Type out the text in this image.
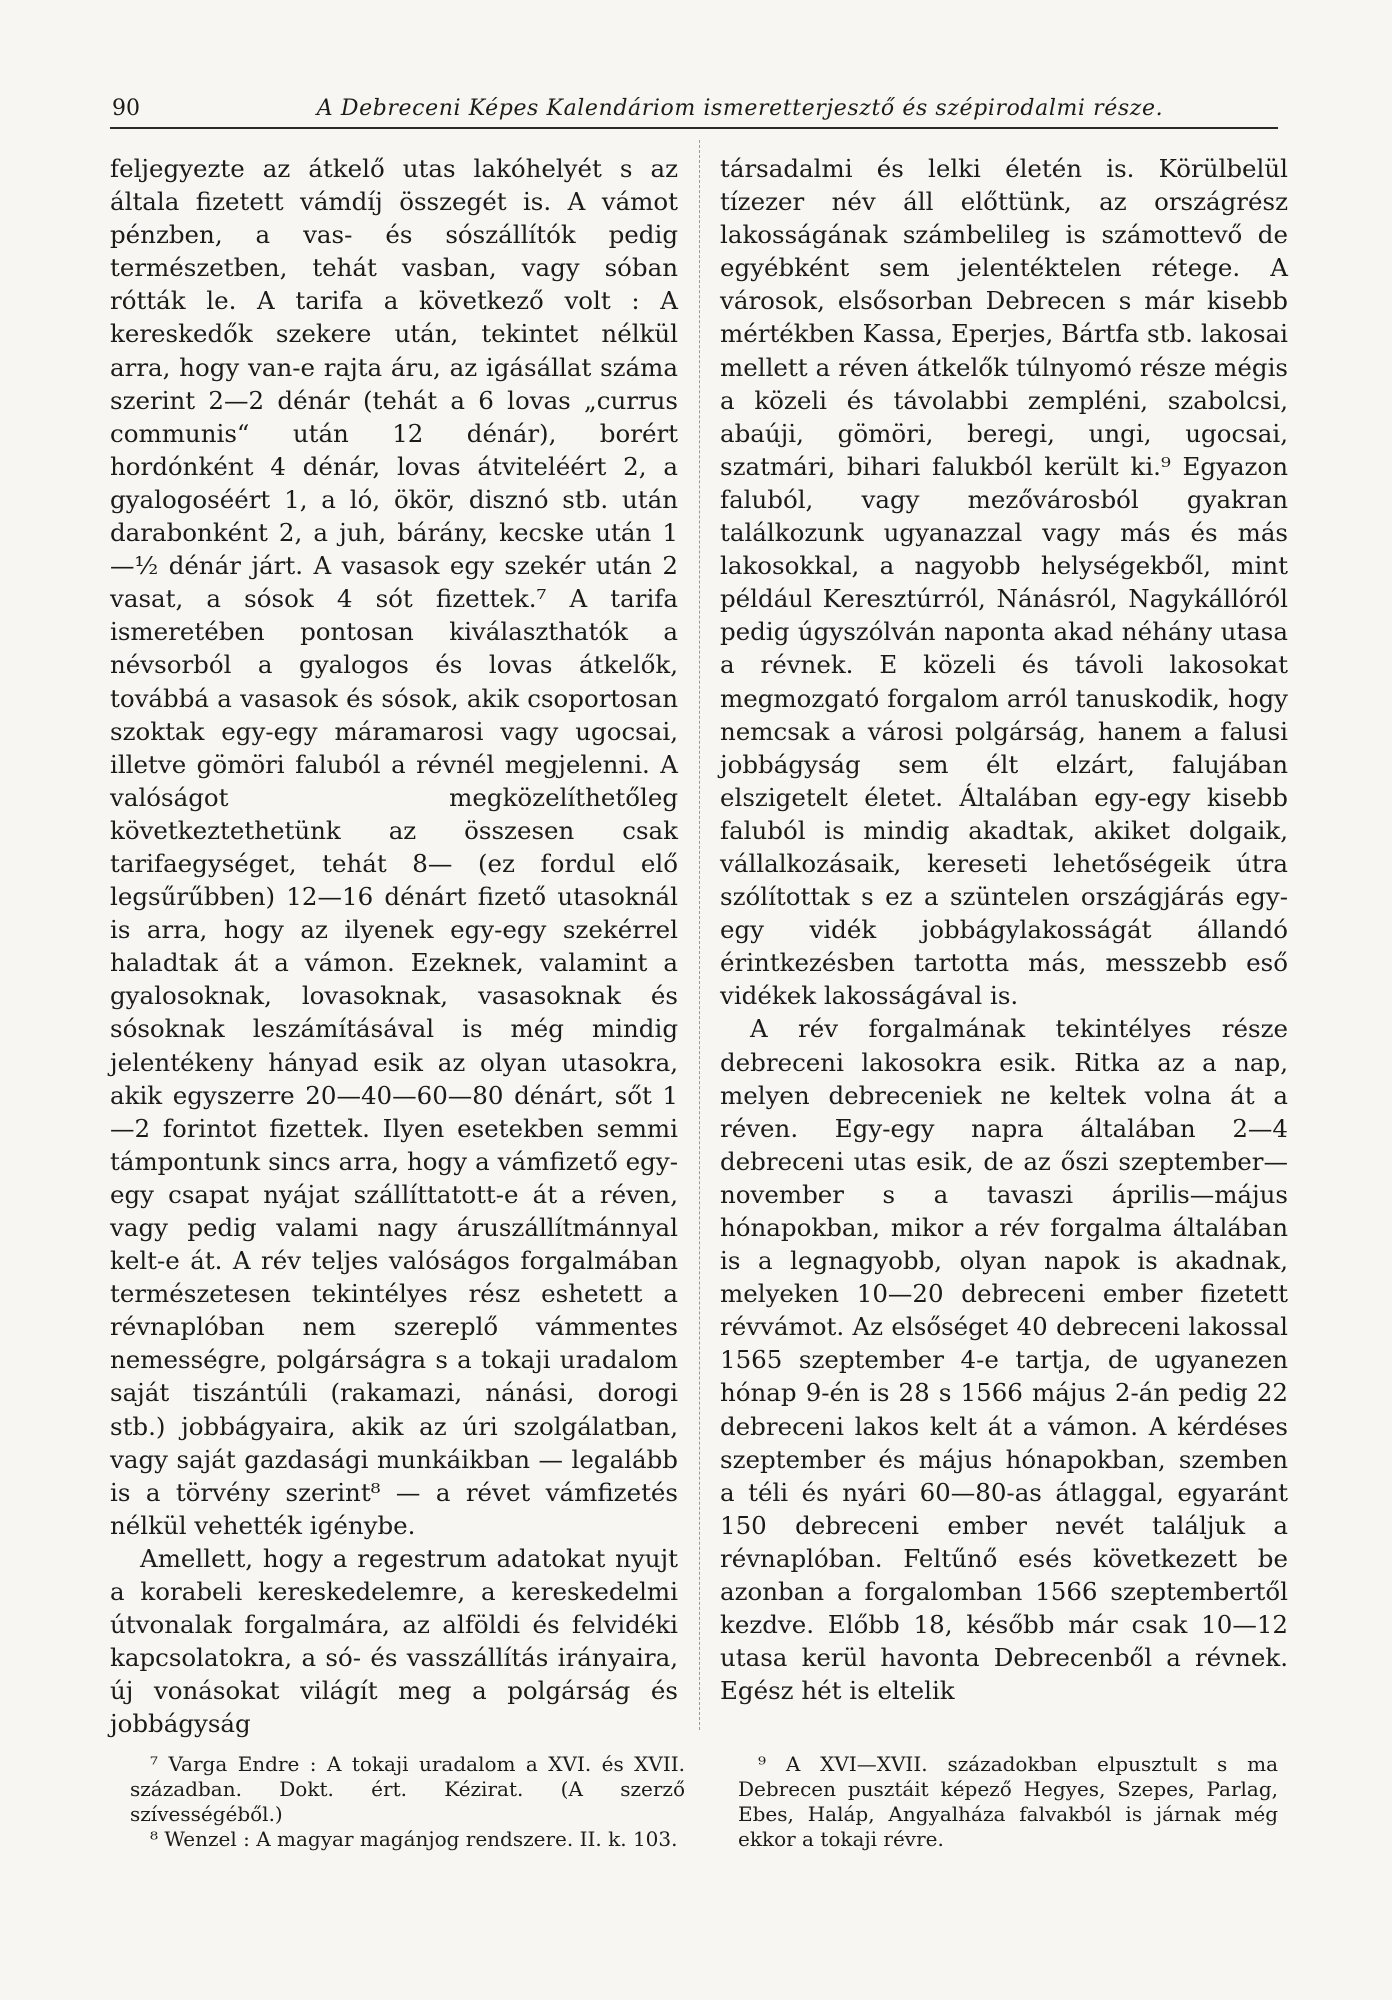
90	A Debreceni Képes Kalendáriom ismeretterjesztő és szépirodalmi része.

feljegyezte az átkelő utas lakóhelyét s az általa fizetett vámdíj összegét is. A vámot pénzben, a vas- és sószállítók pedig természetben, tehát vasban, vagy sóban rótták le. A tarifa a következő volt : A kereskedők szekere után, tekintet nélkül arra, hogy van-e rajta áru, az igásállat száma szerint 2—2 dénár (tehát a 6 lovas „currus communis“ után 12 dénár), borért hordónként 4 dénár, lovas átviteléért 2, a gyalogoséért 1, a ló, ökör, disznó stb. után darabonként 2, a juh, bárány, kecske után 1—½ dénár járt. A vasasok egy szekér után 2 vasat, a sósok 4 sót fizettek.⁷ A tarifa ismeretében pontosan kiválaszthatók a névsorból a gyalogos és lovas átkelők, továbbá a vasasok és sósok, akik csoportosan szoktak egy-egy máramarosi vagy ugocsai, illetve gömöri faluból a révnél megjelenni. A valóságot megközelíthetőleg következtethetünk az összesen csak tarifaegységet, tehát 8— (ez fordul elő legsűrűbben) 12—16 dénárt fizető utasoknál is arra, hogy az ilyenek egy-egy szekérrel haladtak át a vámon. Ezeknek, valamint a gyalosoknak, lovasoknak, vasasoknak és sósoknak leszámításával is még mindig jelentékeny hányad esik az olyan utasokra, akik egyszerre 20—40—60—80 dénárt, sőt 1—2 forintot fizettek. Ilyen esetekben semmi támpontunk sincs arra, hogy a vámfizető egy-egy csapat nyájat szállíttatott-e át a réven, vagy pedig valami nagy áruszállítmánnyal kelt-e át. A rév teljes valóságos forgalmában természetesen tekintélyes rész eshetett a révnaplóban nem szereplő vámmentes nemességre, polgárságra s a tokaji uradalom saját tiszántúli (rakamazi, nánási, dorogi stb.) jobbágyaira, akik az úri szolgálatban, vagy saját gazdasági munkáikban — legalább is a törvény szerint⁸ — a révet vámfizetés nélkül vehették igénybe.

Amellett, hogy a regestrum adatokat nyujt a korabeli kereskedelemre, a kereskedelmi útvonalak forgalmára, az alföldi és felvidéki kapcsolatokra, a só- és vasszállítás irányaira, új vonásokat világít meg a polgárság és jobbágyság

társadalmi és lelki életén is. Körülbelül tízezer név áll előttünk, az országrész lakosságának számbelileg is számottevő de egyébként sem jelentéktelen rétege. A városok, elsősorban Debrecen s már kisebb mértékben Kassa, Eperjes, Bártfa stb. lakosai mellett a réven átkelők túlnyomó része mégis a közeli és távolabbi zempléni, szabolcsi, abaúji, gömöri, beregi, ungi, ugocsai, szatmári, bihari falukból került ki.⁹ Egyazon faluból, vagy mezővárosból gyakran találkozunk ugyanazzal vagy más és más lakosokkal, a nagyobb helységekből, mint például Keresztúrról, Nánásról, Nagykállóról pedig úgyszólván naponta akad néhány utasa a révnek. E közeli és távoli lakosokat megmozgató forgalom arról tanuskodik, hogy nemcsak a városi polgárság, hanem a falusi jobbágyság sem élt elzárt, falujában elszigetelt életet. Általában egy-egy kisebb faluból is mindig akadtak, akiket dolgaik, vállalkozásaik, kereseti lehetőségeik útra szólítottak s ez a szüntelen országjárás egy-egy vidék jobbágylakosságát állandó érintkezésben tartotta más, messzebb eső vidékek lakosságával is.

A rév forgalmának tekintélyes része debreceni lakosokra esik. Ritka az a nap, melyen debreceniek ne keltek volna át a réven. Egy-egy napra általában 2—4 debreceni utas esik, de az őszi szeptember—november s a tavaszi április—május hónapokban, mikor a rév forgalma általában is a legnagyobb, olyan napok is akadnak, melyeken 10—20 debreceni ember fizetett révvámot. Az elsőséget 40 debreceni lakossal 1565 szeptember 4-e tartja, de ugyanezen hónap 9-én is 28 s 1566 május 2-án pedig 22 debreceni lakos kelt át a vámon. A kérdéses szeptember és május hónapokban, szemben a téli és nyári 60—80-as átlaggal, egyaránt 150 debreceni ember nevét találjuk a révnaplóban. Feltűnő esés következett be azonban a forgalomban 1566 szeptembertől kezdve. Előbb 18, később már csak 10—12 utasa kerül havonta Debrecenből a révnek. Egész hét is eltelik

⁷ Varga Endre : A tokaji uradalom a XVI. és XVII. században. Dokt. ért. Kézirat. (A szerző szívességéből.)

⁸ Wenzel : A magyar magánjog rendszere. II. k. 103.

⁹ A XVI—XVII. századokban elpusztult s ma Debrecen pusztáit képező Hegyes, Szepes, Parlag, Ebes, Haláp, Angyalháza falvakból is járnak még ekkor a tokaji révre.
